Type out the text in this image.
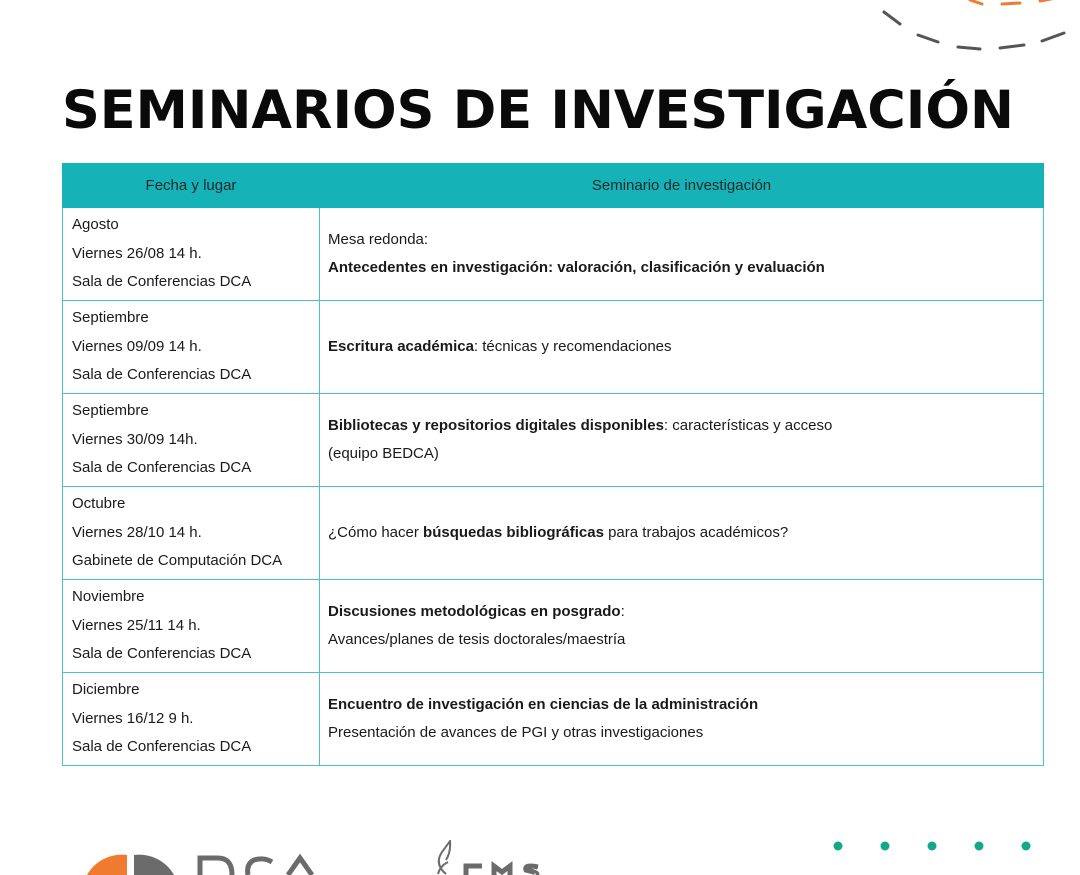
SEMINARIOS DE INVESTIGACIÓN
Fecha y lugar	Seminario de investigación

Agosto
Viernes 26/08 14 h.
Sala de Conferencias DCA	Mesa redonda:
Antecedentes en investigación: valoración, clasificación y evaluación

Septiembre
Viernes 09/09 14 h.
Sala de Conferencias DCA	Escritura académica: técnicas y recomendaciones

Septiembre
Viernes 30/09 14h.
Sala de Conferencias DCA	Bibliotecas y repositorios digitales disponibles: características y acceso
(equipo BEDCA)

Octubre
Viernes 28/10 14 h.
Gabinete de Computación DCA	¿Cómo hacer búsquedas bibliográficas para trabajos académicos?

Noviembre
Viernes 25/11 14 h.
Sala de Conferencias DCA	Discusiones metodológicas en posgrado:
Avances/planes de tesis doctorales/maestría

Diciembre
Viernes 16/12 9 h.
Sala de Conferencias DCA	Encuentro de investigación en ciencias de la administración
Presentación de avances de PGI y otras investigaciones
